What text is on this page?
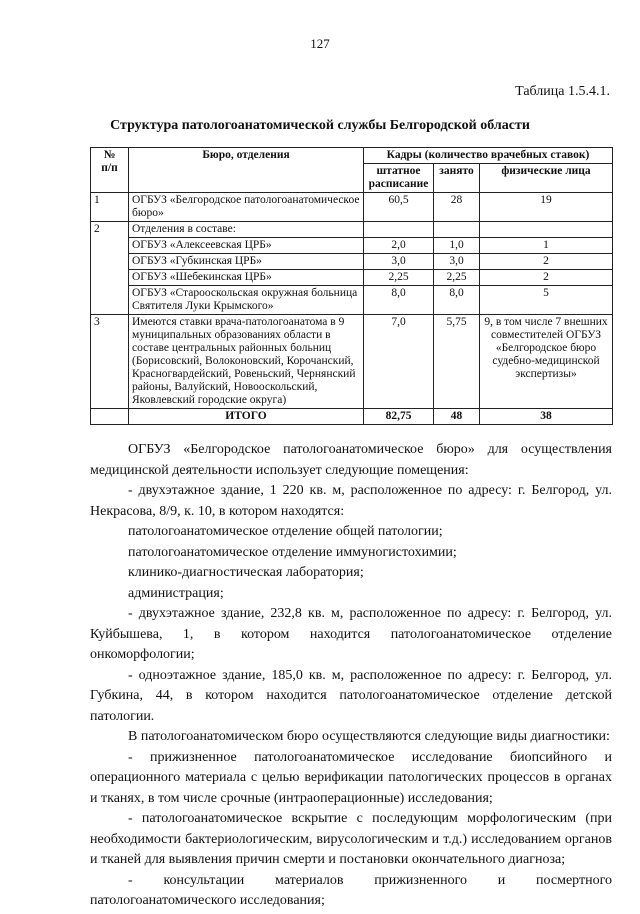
127
Таблица 1.5.4.1.
Структура патологоанатомической службы Белгородской области
№
п/п	Бюро, отделения	Кадры (количество врачебных ставок)		
		штатное расписание	занято	физические лица
1	ОГБУЗ «Белгородское патологоанатомическое бюро»	60,5	28	19
2	Отделения в составе:			
	ОГБУЗ «Алексеевская ЦРБ»	2,0	1,0	1
	ОГБУЗ «Губкинская ЦРБ»	3,0	3,0	2
	ОГБУЗ «Шебекинская ЦРБ»	2,25	2,25	2
	ОГБУЗ «Старооскольская окружная больница Святителя Луки Крымского»	8,0	8,0	5
3	Имеются ставки врача-патологоанатома в 9 муниципальных образованиях области в составе центральных районных больниц (Борисовский, Волоконовский, Корочанский, Красногвардейский, Ровеньский, Чернянский районы, Валуйский, Новооскольский, Яковлевский городские округа)	7,0	5,75	9, в том числе 7 внешних совместителей ОГБУЗ «Белгородское бюро судебно-медицинской экспертизы»
	ИТОГО	82,75	48	38

ОГБУЗ «Белгородское патологоанатомическое бюро» для осуществления медицинской деятельности использует следующие помещения:

- двухэтажное здание, 1 220 кв. м, расположенное по адресу: г. Белгород, ул. Некрасова, 8/9, к. 10, в котором находятся:

патологоанатомическое отделение общей патологии;

патологоанатомическое отделение иммуногистохимии;

клинико-диагностическая лаборатория;

администрация;

- двухэтажное здание, 232,8 кв. м, расположенное по адресу: г. Белгород, ул. Куйбышева, 1, в котором находится патологоанатомическое отделение онкоморфологии;

- одноэтажное здание, 185,0 кв. м, расположенное по адресу: г. Белгород, ул. Губкина, 44, в котором находится патологоанатомическое отделение детской патологии.

В патологоанатомическом бюро осуществляются следующие виды диагностики:

- прижизненное патологоанатомическое исследование биопсийного и операционного материала с целью верификации патологических процессов в органах и тканях, в том числе срочные (интраоперационные) исследования;

- патологоанатомическое вскрытие с последующим морфологическим (при необходимости бактериологическим, вирусологическим и т.д.) исследованием органов и тканей для выявления причин смерти и постановки окончательного диагноза;

- консультации материалов прижизненного и посмертного патологоанатомического исследования;
